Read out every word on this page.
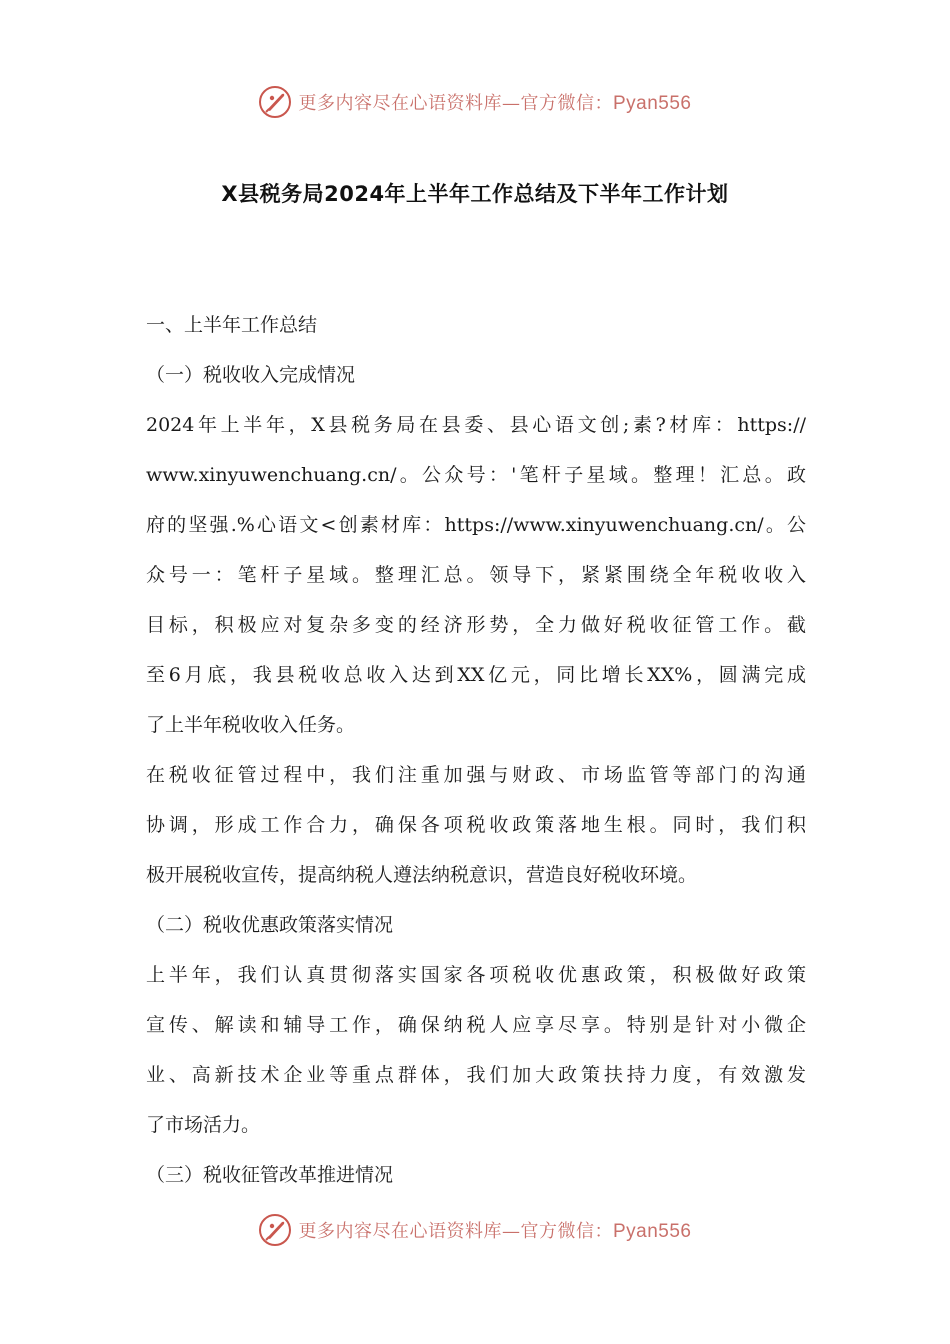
更多内容尽在心语资料库—官方微信：Pyan556
X县税务局2024年上半年工作总结及下半年工作计划

一、上半年工作总结

（一）税收收入完成情况

2024年上半年，X县税务局在县委、县心语文创;素?材库：https://

www.xinyuwenchuang.cn/。公众号：'笔杆子星域。整理！汇总。政

府的坚强.%心语文<创素材库：https://www.xinyuwenchuang.cn/。公

众号一：笔杆子星域。整理汇总。领导下，紧紧围绕全年税收收入

目标，积极应对复杂多变的经济形势，全力做好税收征管工作。截

至6月底，我县税收总收入达到XX亿元，同比增长XX%，圆满完成

了上半年税收收入任务。

在税收征管过程中，我们注重加强与财政、市场监管等部门的沟通

协调，形成工作合力，确保各项税收政策落地生根。同时，我们积

极开展税收宣传，提高纳税人遵法纳税意识，营造良好税收环境。

（二）税收优惠政策落实情况

上半年，我们认真贯彻落实国家各项税收优惠政策，积极做好政策

宣传、解读和辅导工作，确保纳税人应享尽享。特别是针对小微企

业、高新技术企业等重点群体，我们加大政策扶持力度，有效激发

了市场活力。

（三）税收征管改革推进情况

更多内容尽在心语资料库—官方微信：Pyan556
